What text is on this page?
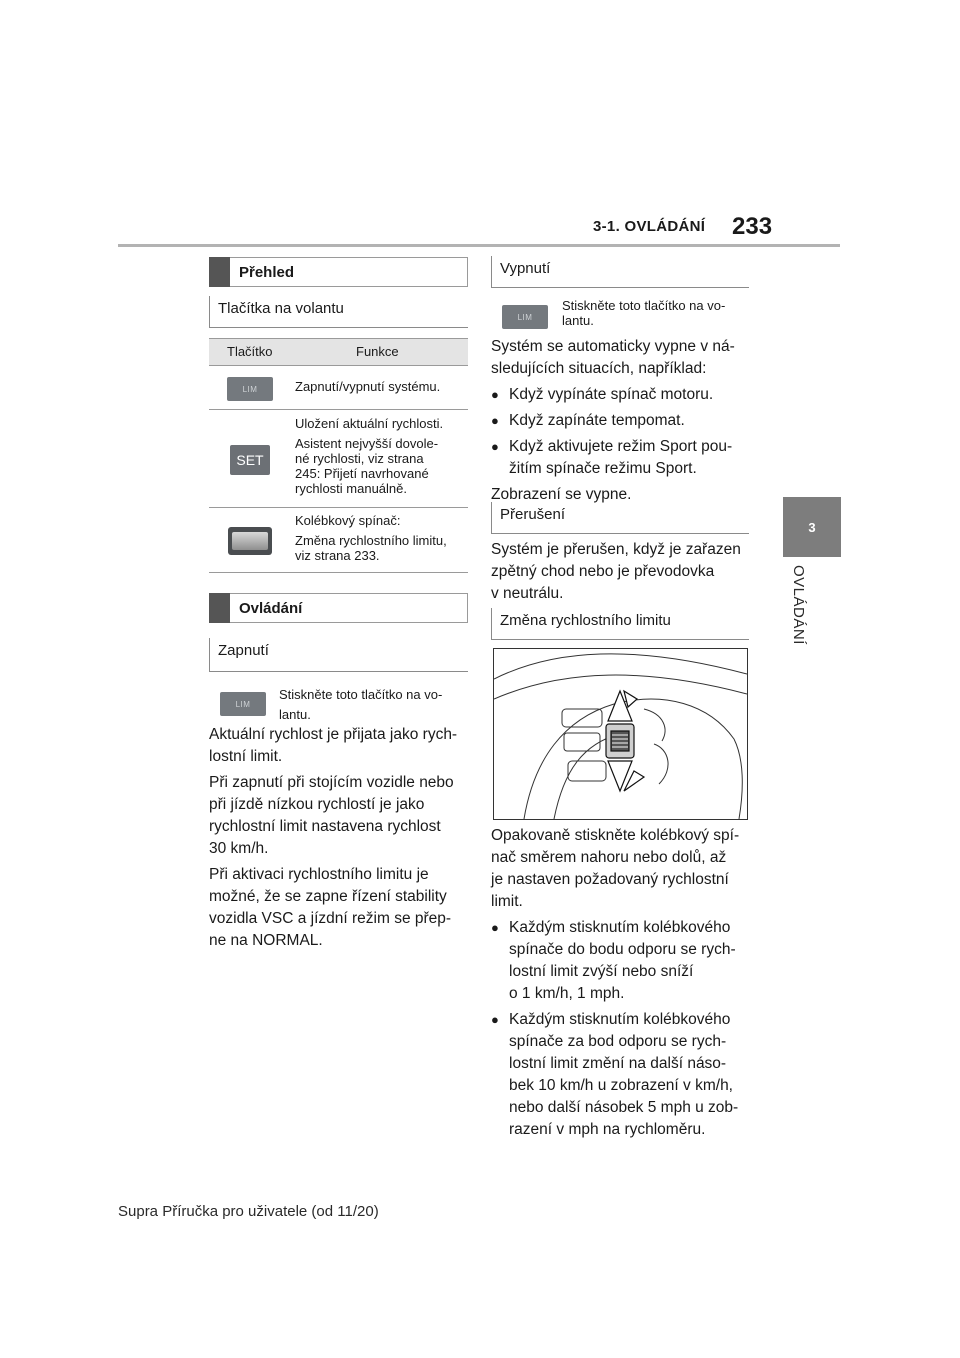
3-1. OVLÁDÁNÍ 233
3
OVLÁDÁNÍ
Přehled
Tlačítka na volantu
Tlačítko	Funkce
LIM	Zapnutí/vypnutí systému.
SET
Uložení aktuální rychlosti.
Asistent nejvyšší dovole-
né rychlosti, viz strana
245: Přijetí navrhované
rychlosti manuálně.
Kolébkový spínač:
Změna rychlostního limitu,
viz strana 233.
Ovládání
Zapnutí
LIM
Stiskněte toto tlačítko na vo-
lantu.

Aktuální rychlost je přijata jako rych-
lostní limit.

Při zapnutí při stojícím vozidle nebo
při jízdě nízkou rychlostí je jako
rychlostní limit nastavena rychlost
30 km/h.

Při aktivaci rychlostního limitu je
možné, že se zapne řízení stability
vozidla VSC a jízdní režim se přep-
ne na NORMAL.

Vypnutí
LIM
Stiskněte toto tlačítko na vo-
lantu.

Systém se automaticky vypne v ná-
sledujících situacích, například:

● Když vypínáte spínač motoru.

● Když zapínáte tempomat.

● Když aktivujete režim Sport pou-
žitím spínače režimu Sport.

Zobrazení se vypne.

Přerušení
Systém je přerušen, když je zařazen
zpětný chod nebo je převodovka
v neutrálu.
Změna rychlostního limitu

Opakovaně stiskněte kolébkový spí-
nač směrem nahoru nebo dolů, až
je nastaven požadovaný rychlostní
limit.

● Každým stisknutím kolébkového
spínače do bodu odporu se rych-
lostní limit zvýší nebo sníží
o 1 km/h, 1 mph.

● Každým stisknutím kolébkového
spínače za bod odporu se rych-
lostní limit změní na další náso-
bek 10 km/h u zobrazení v km/h,
nebo další násobek 5 mph u zob-
razení v mph na rychloměru.

Supra Příručka pro uživatele (od 11/20)
